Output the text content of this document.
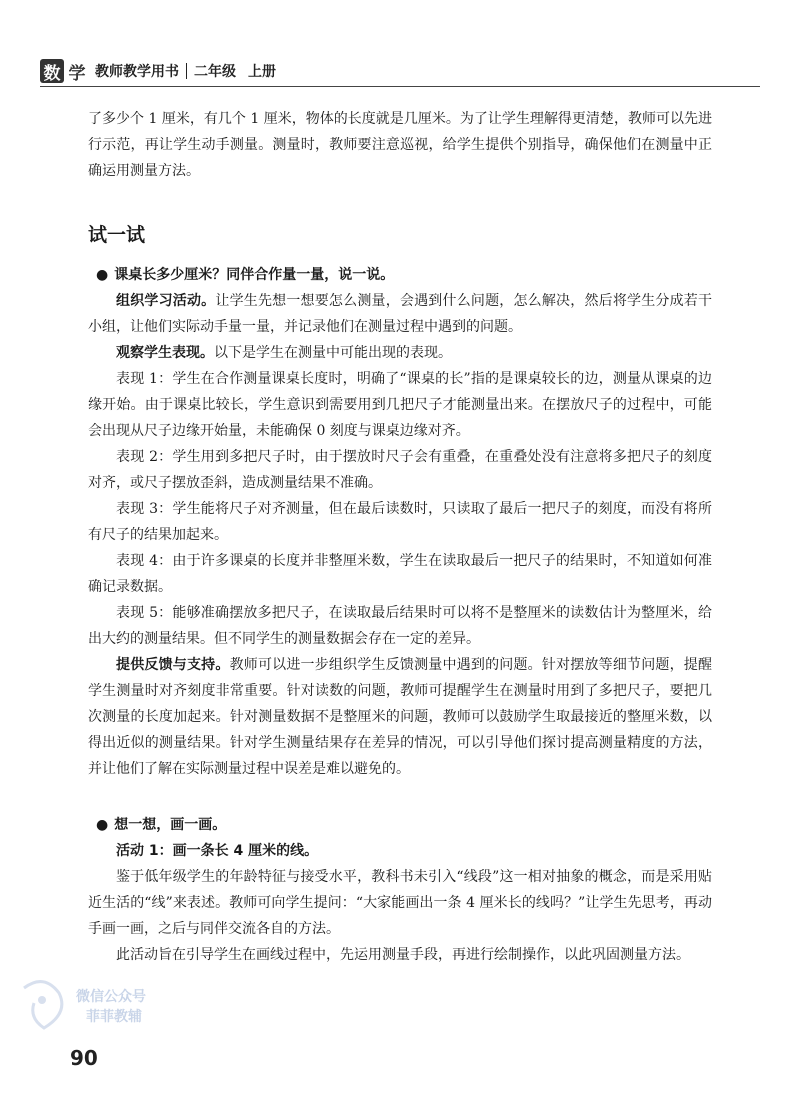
数 学 教师教学用书 二年级 上册

了多少个 1 厘米，有几个 1 厘米，物体的长度就是几厘米。为了让学生理解得更清楚，教师可以先进行示范，再让学生动手测量。测量时，教师要注意巡视，给学生提供个别指导，确保他们在测量中正确运用测量方法。

试一试

● 课桌长多少厘米？同伴合作量一量，说一说。

组织学习活动。让学生先想一想要怎么测量，会遇到什么问题，怎么解决，然后将学生分成若干小组，让他们实际动手量一量，并记录他们在测量过程中遇到的问题。

观察学生表现。以下是学生在测量中可能出现的表现。

表现 1：学生在合作测量课桌长度时，明确了“课桌的长”指的是课桌较长的边，测量从课桌的边缘开始。由于课桌比较长，学生意识到需要用到几把尺子才能测量出来。在摆放尺子的过程中，可能会出现从尺子边缘开始量，未能确保 0 刻度与课桌边缘对齐。

表现 2：学生用到多把尺子时，由于摆放时尺子会有重叠，在重叠处没有注意将多把尺子的刻度对齐，或尺子摆放歪斜，造成测量结果不准确。

表现 3：学生能将尺子对齐测量，但在最后读数时，只读取了最后一把尺子的刻度，而没有将所有尺子的结果加起来。

表现 4：由于许多课桌的长度并非整厘米数，学生在读取最后一把尺子的结果时，不知道如何准确记录数据。

表现 5：能够准确摆放多把尺子，在读取最后结果时可以将不是整厘米的读数估计为整厘米，给出大约的测量结果。但不同学生的测量数据会存在一定的差异。

提供反馈与支持。教师可以进一步组织学生反馈测量中遇到的问题。针对摆放等细节问题，提醒学生测量时对齐刻度非常重要。针对读数的问题，教师可提醒学生在测量时用到了多把尺子，要把几次测量的长度加起来。针对测量数据不是整厘米的问题，教师可以鼓励学生取最接近的整厘米数，以得出近似的测量结果。针对学生测量结果存在差异的情况，可以引导他们探讨提高测量精度的方法，并让他们了解在实际测量过程中误差是难以避免的。

● 想一想，画一画。

活动 1：画一条长 4 厘米的线。

鉴于低年级学生的年龄特征与接受水平，教科书未引入“线段”这一相对抽象的概念，而是采用贴近生活的“线”来表述。教师可向学生提问：“大家能画出一条 4 厘米长的线吗？”让学生先思考，再动手画一画，之后与同伴交流各自的方法。

此活动旨在引导学生在画线过程中，先运用测量手段，再进行绘制操作，以此巩固测量方法。

微信公众号
菲菲教辅
90
